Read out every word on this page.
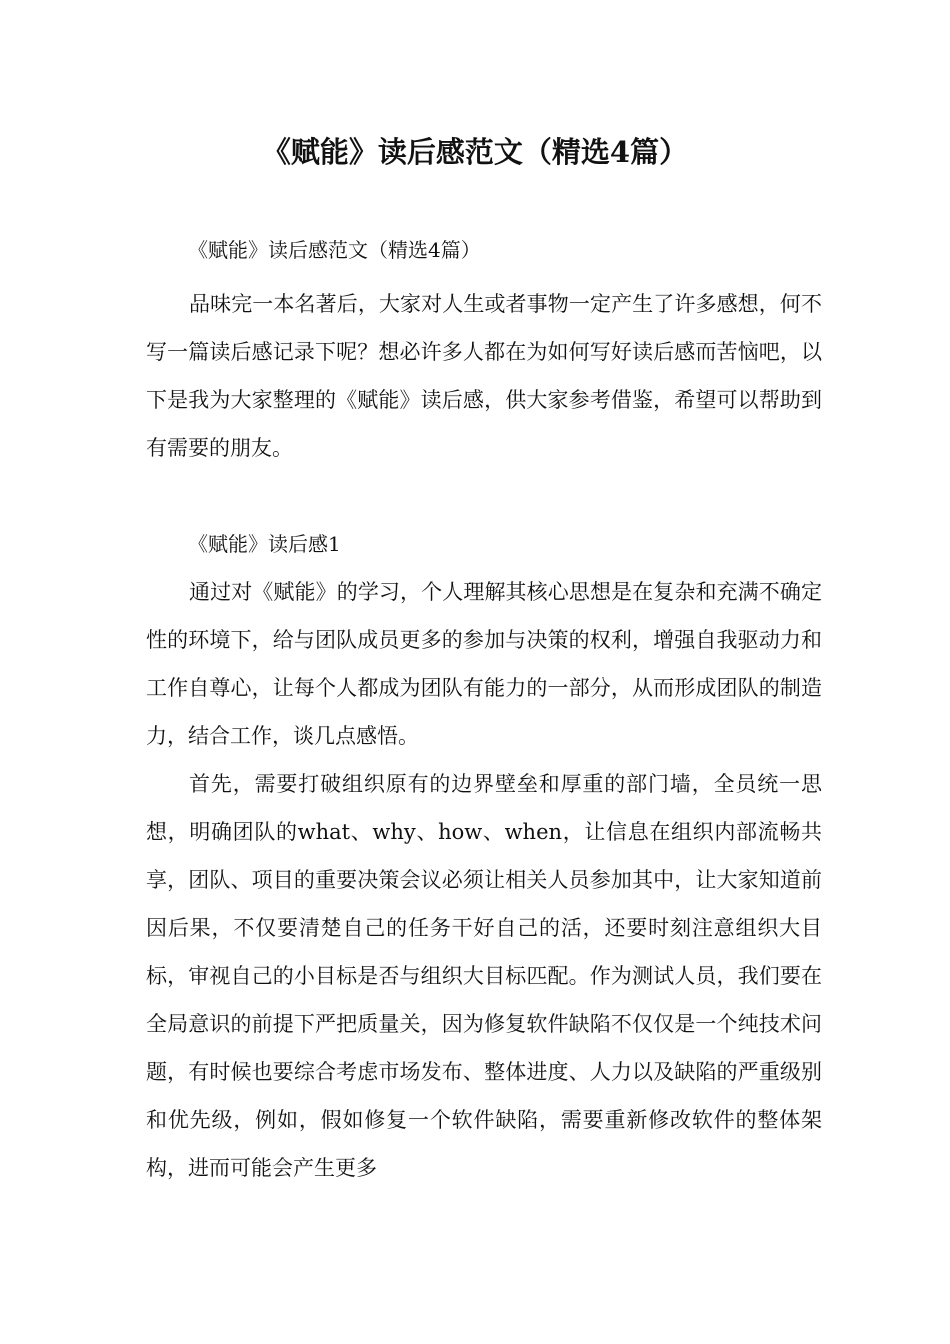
《赋能》读后感范文（精选4篇）

《赋能》读后感范文（精选4篇）

品味完一本名著后，大家对人生或者事物一定产生了许多感想，何不写一篇读后感记录下呢？想必许多人都在为如何写好读后感而苦恼吧，以下是我为大家整理的《赋能》读后感，供大家参考借鉴，希望可以帮助到有需要的朋友。

《赋能》读后感1

通过对《赋能》的学习，个人理解其核心思想是在复杂和充满不确定性的环境下，给与团队成员更多的参加与决策的权利，增强自我驱动力和工作自尊心，让每个人都成为团队有能力的一部分，从而形成团队的制造力，结合工作，谈几点感悟。

首先，需要打破组织原有的边界壁垒和厚重的部门墙，全员统一思想，明确团队的what、why、how、when，让信息在组织内部流畅共享，团队、项目的重要决策会议必须让相关人员参加其中，让大家知道前因后果，不仅要清楚自己的任务干好自己的活，还要时刻注意组织大目标，审视自己的小目标是否与组织大目标匹配。作为测试人员，我们要在全局意识的前提下严把质量关，因为修复软件缺陷不仅仅是一个纯技术问题，有时候也要综合考虑市场发布、整体进度、人力以及缺陷的严重级别和优先级，例如，假如修复一个软件缺陷，需要重新修改软件的整体架构，进而可能会产生更多
